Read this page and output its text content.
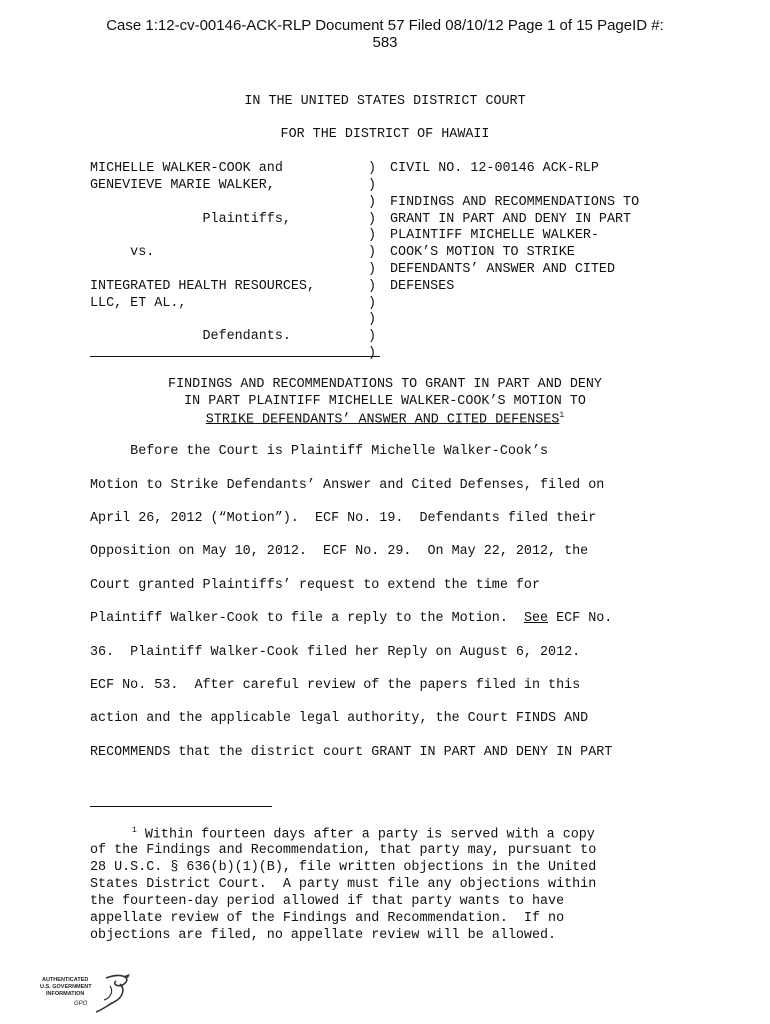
Case 1:12-cv-00146-ACK-RLP Document 57 Filed 08/10/12 Page 1 of 15 PageID #:
583
IN THE UNITED STATES DISTRICT COURT
FOR THE DISTRICT OF HAWAII
MICHELLE WALKER-COOK and
GENEVIEVE MARIE WALKER,
Plaintiffs,
vs.
INTEGRATED HEALTH RESOURCES,
LLC, ET AL.,
Defendants.
)
)
)
)
)
)
)
)
)
)
)
)
CIVIL NO. 12-00146 ACK-RLP
FINDINGS AND RECOMMENDATIONS TO
GRANT IN PART AND DENY IN PART
PLAINTIFF MICHELLE WALKER-
COOK’S MOTION TO STRIKE
DEFENDANTS’ ANSWER AND CITED
DEFENSES
FINDINGS AND RECOMMENDATIONS TO GRANT IN PART AND DENY
IN PART PLAINTIFF MICHELLE WALKER-COOK’S MOTION TO
STRIKE DEFENDANTS’ ANSWER AND CITED DEFENSES$^1$
Before the Court is Plaintiff Michelle Walker-Cook’s
Motion to Strike Defendants’ Answer and Cited Defenses, filed on
April 26, 2012 (“Motion”).  ECF No. 19.  Defendants filed their
Opposition on May 10, 2012.  ECF No. 29.  On May 22, 2012, the
Court granted Plaintiffs’ request to extend the time for
Plaintiff Walker-Cook to file a reply to the Motion.  See ECF No.
36.  Plaintiff Walker-Cook filed her Reply on August 6, 2012.
ECF No. 53.  After careful review of the papers filed in this
action and the applicable legal authority, the Court FINDS AND
RECOMMENDS that the district court GRANT IN PART AND DENY IN PART
$^1$ Within fourteen days after a party is served with a copy
of the Findings and Recommendation, that party may, pursuant to
28 U.S.C. § 636(b)(1)(B), file written objections in the United
States District Court.  A party must file any objections within
the fourteen-day period allowed if that party wants to have
appellate review of the Findings and Recommendation.  If no
objections are filed, no appellate review will be allowed.
AUTHENTICATED
U.S. GOVERNMENT
INFORMATION
GPO
